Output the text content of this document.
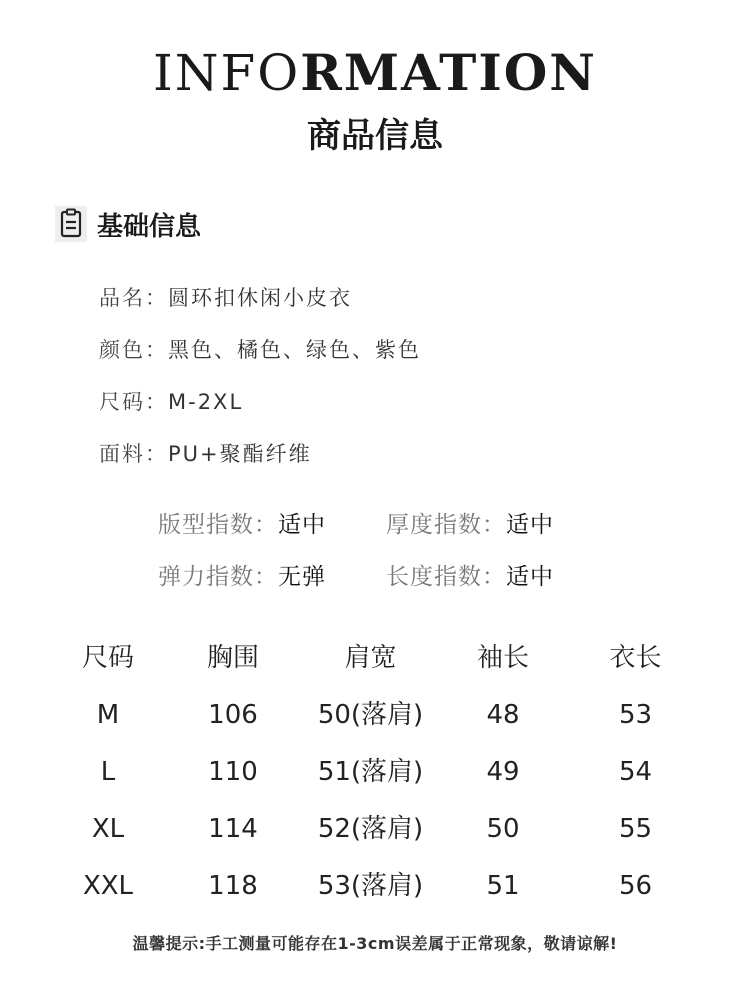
INFORMATION
商品信息
基础信息
品名：圆环扣休闲小皮衣
颜色：黑色、橘色、绿色、紫色
尺码：M-2XL
面料：PU+聚酯纤维
版型指数：适中	厚度指数：适中
弹力指数：无弹	长度指数：适中
尺码	胸围	肩宽	袖长	衣长
M	106	50(落肩)	48	53
L	110	51(落肩)	49	54
XL	114	52(落肩)	50	55
XXL	118	53(落肩)	51	56
温馨提示:手工测量可能存在1-3cm误差属于正常现象，敬请谅解!
